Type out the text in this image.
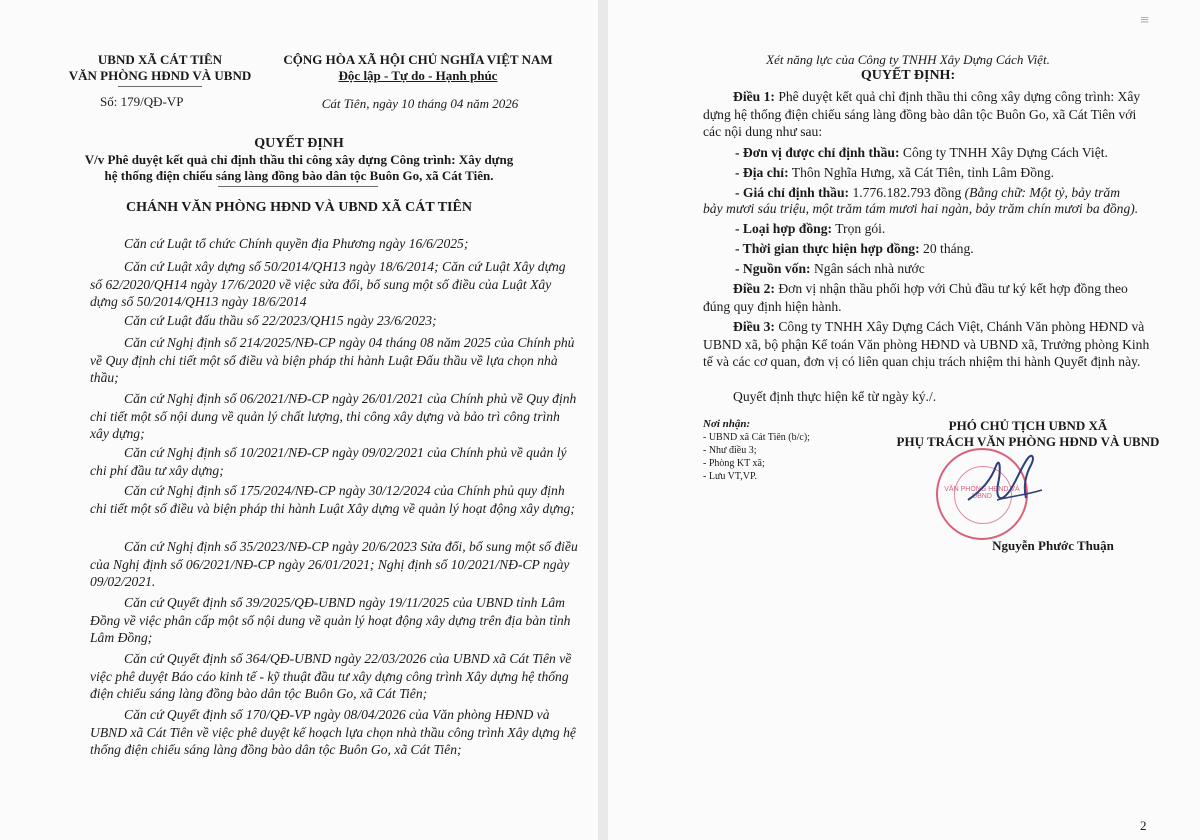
UBND XÃ CÁT TIÊN
VĂN PHÒNG HĐND VÀ UBND
Số: 179/QĐ-VP
CỘNG HÒA XÃ HỘI CHỦ NGHĨA VIỆT NAM
Độc lập - Tự do - Hạnh phúc
Cát Tiên, ngày 10 tháng 04 năm 2026
QUYẾT ĐỊNH
V/v Phê duyệt kết quả chỉ định thầu thi công xây dựng Công trình: Xây dựng
hệ thống điện chiếu sáng làng đồng bào dân tộc Buôn Go, xã Cát Tiên.
CHÁNH VĂN PHÒNG HĐND VÀ UBND XÃ CÁT TIÊN
Căn cứ Luật tổ chức Chính quyền địa Phương ngày 16/6/2025;
Căn cứ Luật xây dựng số 50/2014/QH13 ngày 18/6/2014; Căn cứ Luật Xây dựng số 62/2020/QH14 ngày 17/6/2020 về việc sửa đổi, bổ sung một số điều của Luật Xây dựng số 50/2014/QH13 ngày 18/6/2014
Căn cứ Luật đấu thầu số 22/2023/QH15 ngày 23/6/2023;
Căn cứ Nghị định số 214/2025/NĐ-CP ngày 04 tháng 08 năm 2025 của Chính phủ về Quy định chi tiết một số điều và biện pháp thi hành Luật Đấu thầu về lựa chọn nhà thầu;
Căn cứ Nghị định số 06/2021/NĐ-CP ngày 26/01/2021 của Chính phủ về Quy định chi tiết một số nội dung về quản lý chất lượng, thi công xây dựng và bảo trì công trình xây dựng;
Căn cứ Nghị định số 10/2021/NĐ-CP ngày 09/02/2021 của Chính phủ về quản lý chi phí đầu tư xây dựng;
Căn cứ Nghị định số 175/2024/NĐ-CP ngày 30/12/2024 của Chính phủ quy định chi tiết một số điều và biện pháp thi hành Luật Xây dựng về quản lý hoạt động xây dựng;
Căn cứ Nghị định số 35/2023/NĐ-CP ngày 20/6/2023 Sửa đổi, bổ sung một số điều của Nghị định số 06/2021/NĐ-CP ngày 26/01/2021; Nghị định số 10/2021/NĐ-CP ngày 09/02/2021.
Căn cứ Quyết định số 39/2025/QĐ-UBND ngày 19/11/2025 của UBND tỉnh Lâm Đồng về việc phân cấp một số nội dung về quản lý hoạt động xây dựng trên địa bàn tỉnh Lâm Đồng;
Căn cứ Quyết định số 364/QĐ-UBND ngày 22/03/2026 của UBND xã Cát Tiên về việc phê duyệt Báo cáo kinh tế - kỹ thuật đầu tư xây dựng công trình Xây dựng hệ thống điện chiếu sáng làng đồng bào dân tộc Buôn Go, xã Cát Tiên;
Căn cứ Quyết định số 170/QĐ-VP ngày 08/04/2026 của Văn phòng HĐND và UBND xã Cát Tiên về việc phê duyệt kế hoạch lựa chọn nhà thầu công trình Xây dựng hệ thống điện chiếu sáng làng đồng bào dân tộc Buôn Go, xã Cát Tiên;
Xét năng lực của Công ty TNHH Xây Dựng Cách Việt.
QUYẾT ĐỊNH:
Điều 1: Phê duyệt kết quả chỉ định thầu thi công xây dựng công trình: Xây dựng hệ thống điện chiếu sáng làng đồng bào dân tộc Buôn Go, xã Cát Tiên với các nội dung như sau:
- Đơn vị được chỉ định thầu: Công ty TNHH Xây Dựng Cách Việt.
- Địa chỉ: Thôn Nghĩa Hưng, xã Cát Tiên, tỉnh Lâm Đồng.
- Giá chỉ định thầu: 1.776.182.793 đồng (Bằng chữ: Một tỷ, bảy trăm
bảy mươi sáu triệu, một trăm tám mươi hai ngàn, bảy trăm chín mươi ba đồng).
- Loại hợp đồng: Trọn gói.
- Thời gian thực hiện hợp đồng: 20 tháng.
- Nguồn vốn: Ngân sách nhà nước
Điều 2: Đơn vị nhận thầu phối hợp với Chủ đầu tư ký kết hợp đồng theo đúng quy định hiện hành.
Điều 3: Công ty TNHH Xây Dựng Cách Việt, Chánh Văn phòng HĐND và UBND xã, bộ phận Kế toán Văn phòng HĐND và UBND xã, Trưởng phòng Kinh tế và các cơ quan, đơn vị có liên quan chịu trách nhiệm thi hành Quyết định này.
Quyết định thực hiện kể từ ngày ký./.
Nơi nhận:
- UBND xã Cát Tiên (b/c);
- Như điều 3;
- Phòng KT xã;
- Lưu VT,VP.
PHÓ CHỦ TỊCH UBND XÃ
PHỤ TRÁCH VĂN PHÒNG HĐND VÀ UBND
Nguyễn Phước Thuận
≡
2
VĂN PHÒNG HĐND VÀ UBND
